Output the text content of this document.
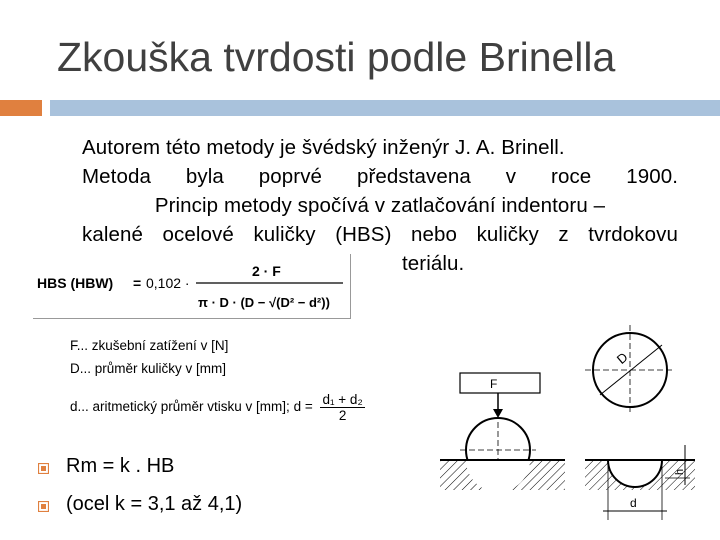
Zkouška tvrdosti podle Brinella
Autorem této metody je švédský inženýr J. A. Brinell.
Metoda byla poprvé představena v roce 1900.
Princip metody spočívá v zatlačování indentoru –
kalené ocelové kuličky (HBS) nebo kuličky z tvrdokovu
teriálu.
HBS (HBW) = 0,102 ·
2 · F
π · D · (D − √(D² − d²))
F... zkušební zatížení v [N]
D... průměr kuličky v [mm]
d... aritmetický průměr vtisku v [mm]; $d = \frac{\text{d₁ + d₂}}{2}$
Rm = k . HB
(ocel k = 3,1 až 4,1)
D
F
h
d
